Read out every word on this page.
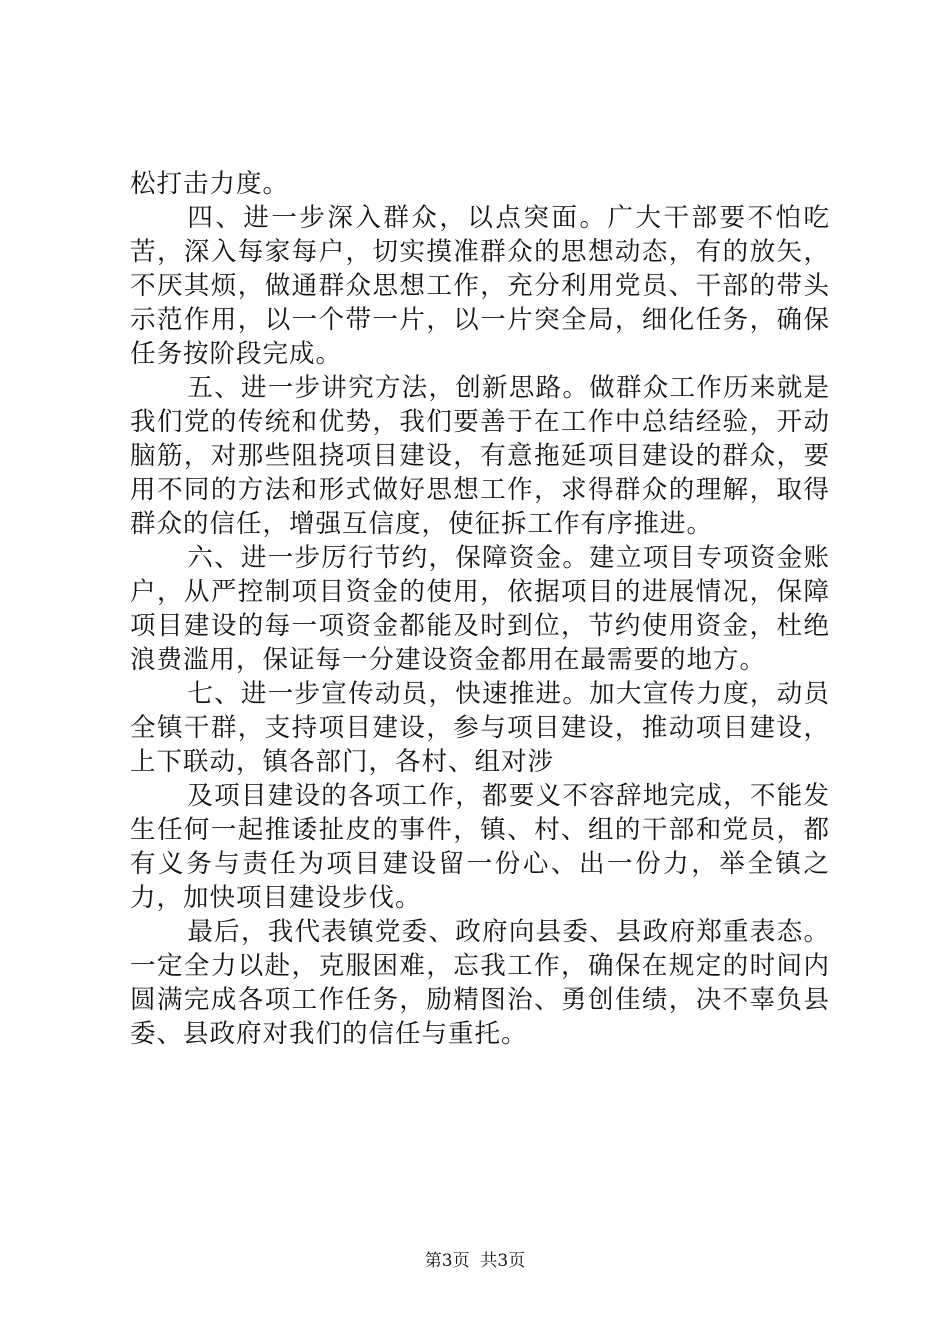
松打击力度。

四、进一步深入群众，以点突面。广大干部要不怕吃苦，深入每家每户，切实摸准群众的思想动态，有的放矢，不厌其烦，做通群众思想工作，充分利用党员、干部的带头示范作用，以一个带一片，以一片突全局，细化任务，确保任务按阶段完成。

五、进一步讲究方法，创新思路。做群众工作历来就是我们党的传统和优势，我们要善于在工作中总结经验，开动脑筋，对那些阻挠项目建设，有意拖延项目建设的群众，要用不同的方法和形式做好思想工作，求得群众的理解，取得群众的信任，增强互信度，使征拆工作有序推进。

六、进一步厉行节约，保障资金。建立项目专项资金账户，从严控制项目资金的使用，依据项目的进展情况，保障项目建设的每一项资金都能及时到位，节约使用资金，杜绝浪费滥用，保证每一分建设资金都用在最需要的地方。

七、进一步宣传动员，快速推进。加大宣传力度，动员全镇干群，支持项目建设，参与项目建设，推动项目建设，上下联动，镇各部门，各村、组对涉

及项目建设的各项工作，都要义不容辞地完成，不能发生任何一起推诿扯皮的事件，镇、村、组的干部和党员，都有义务与责任为项目建设留一份心、出一份力，举全镇之力，加快项目建设步伐。

最后，我代表镇党委、政府向县委、县政府郑重表态。一定全力以赴，克服困难，忘我工作，确保在规定的时间内圆满完成各项工作任务，励精图治、勇创佳绩，决不辜负县委、县政府对我们的信任与重托。

第3页  共3页
